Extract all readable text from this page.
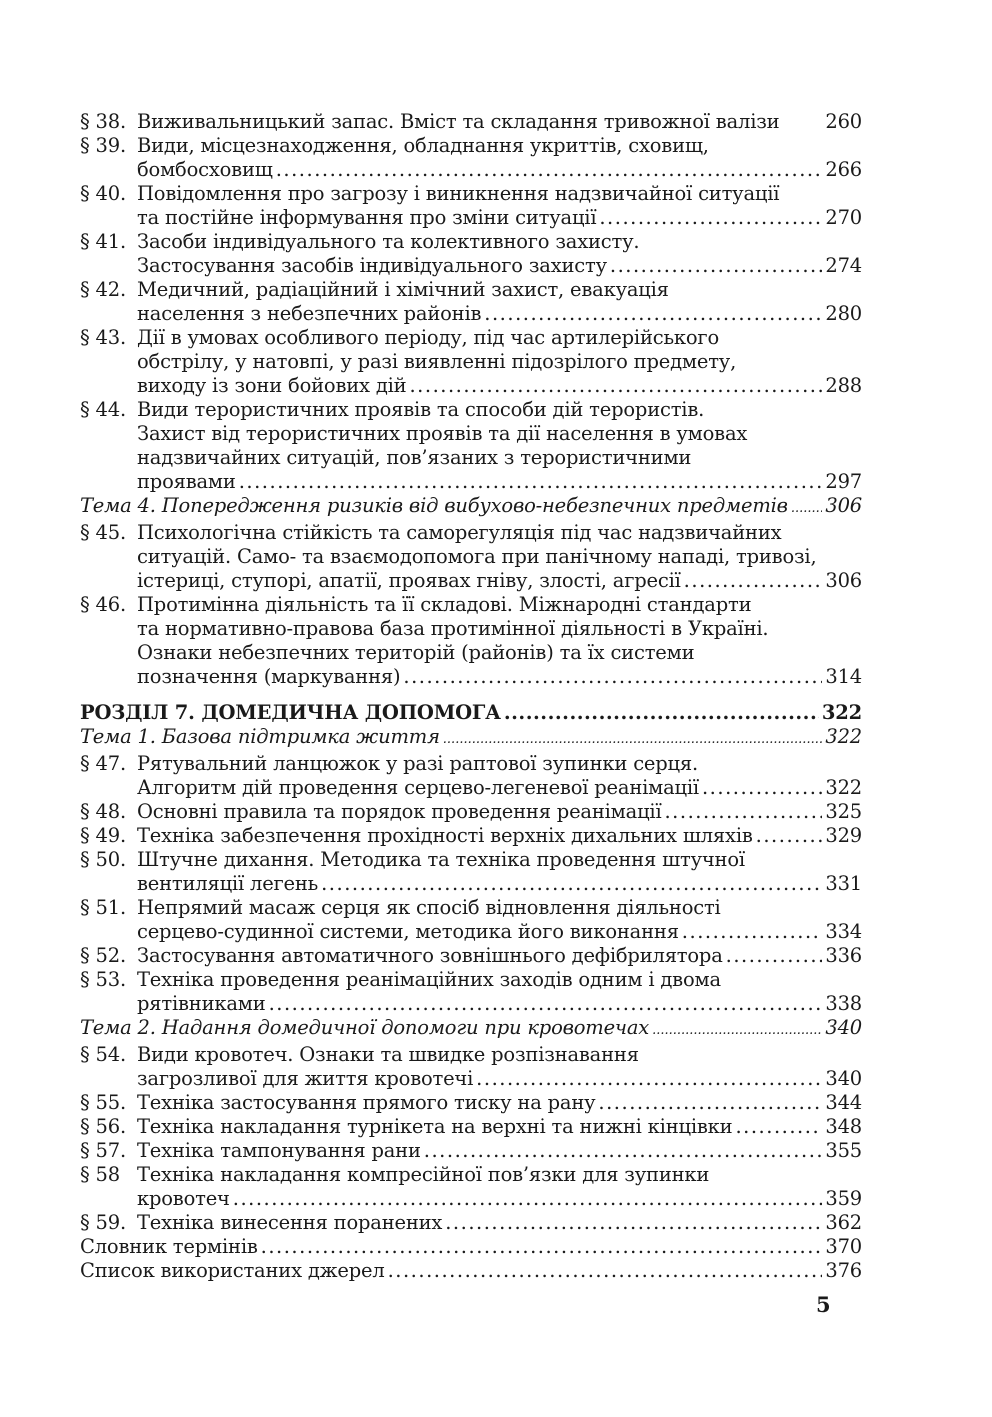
§ 38. Виживальницький запас. Вміст та складання тривожної валізи 260
§ 39. Види, місцезнаходження, обладнання укриттів, сховищ,
бомбосховищ .....	266
§ 40. Повідомлення про загрозу і виникнення надзвичайної ситуації
та постійне інформування про зміни ситуації .....	270
§ 41. Засоби індивідуального та колективного захисту.
Застосування засобів індивідуального захисту .....	274
§ 42. Медичний, радіаційний і хімічний захист, евакуація
населення з небезпечних районів .....	280
§ 43. Дії в умовах особливого періоду, під час артилерійського
обстрілу, у натовпі, у разі виявленні підозрілого предмету,
виходу із зони бойових дій .....	288
§ 44. Види терористичних проявів та способи дій терористів.
Захист від терористичних проявів та дії населення в умовах
надзвичайних ситуацій, пов’язаних з терористичними
проявами .....	297
Тема 4. Попередження ризиків від вибухово-небезпечних предметів ..... 306
§ 45. Психологічна стійкість та саморегуляція під час надзвичайних
ситуацій. Само- та взаємодопомога при панічному нападі, тривозі,
істериці, ступорі, апатії, проявах гніву, злості, агресії .....	306
§ 46. Протимінна діяльність та її складові. Міжнародні стандарти
та нормативно-правова база протимінної діяльності в Україні.
Ознаки небезпечних територій (районів) та їх системи
позначення (маркування) .....	314
РОЗДІЛ 7. ДОМЕДИЧНА ДОПОМОГА .....	322
Тема 1. Базова підтримка життя .....	322
§ 47. Рятувальний ланцюжок у разі раптової зупинки серця.
Алгоритм дій проведення серцево-легеневої реанімації .....	322
§ 48. Основні правила та порядок проведення реанімації .....	325
§ 49. Техніка забезпечення прохідності верхніх дихальних шляхів .....	329
§ 50. Штучне дихання. Методика та техніка проведення штучної
вентиляції легень .....	331
§ 51. Непрямий масаж серця як спосіб відновлення діяльності
серцево-судинної системи, методика його виконання .....	334
§ 52. Застосування автоматичного зовнішнього дефібрилятора .....	336
§ 53. Техніка проведення реанімаційних заходів одним і двома
рятівниками .....	338
Тема 2. Надання домедичної допомоги при кровотечах .....	340
§ 54. Види кровотеч. Ознаки та швидке розпізнавання
загрозливої для життя кровотечі .....	340
§ 55. Техніка застосування прямого тиску на рану .....	344
§ 56. Техніка накладання турнікета на верхні та нижні кінцівки .....	348
§ 57. Техніка тампонування рани .....	355
§ 58 Техніка накладання компресійної пов’язки для зупинки
кровотеч .....	359
§ 59. Техніка винесення поранених .....	362
Словник термінів .....	370
Список використаних джерел .....	376
5
